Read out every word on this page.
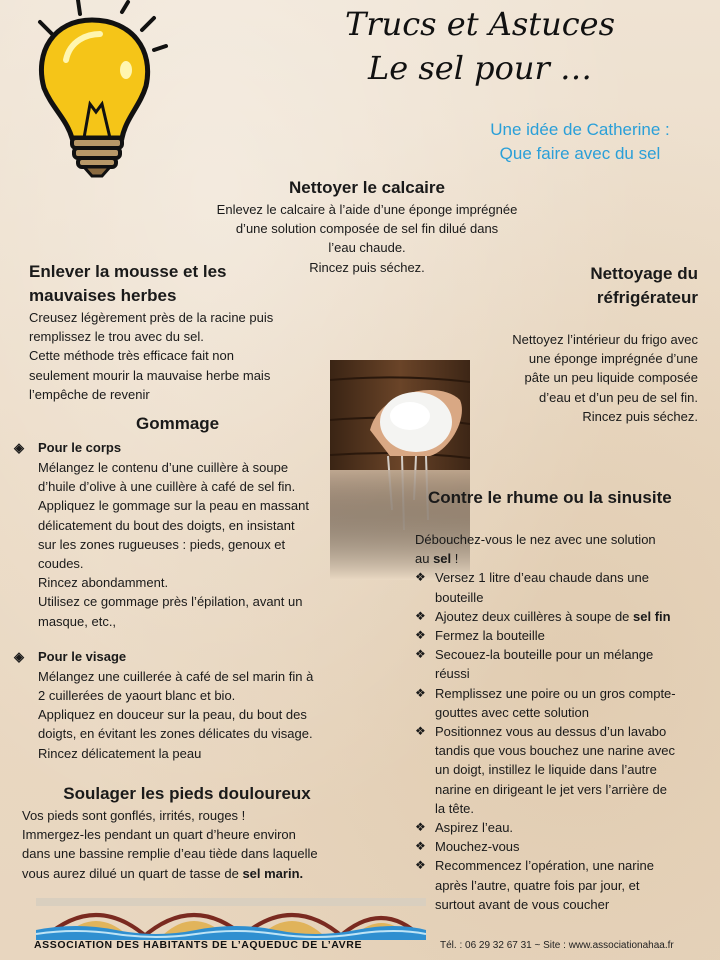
Trucs et Astuces
Le sel pour …
Une idée de Catherine :
Que faire avec du sel
Nettoyer le calcaire

Enlevez le calcaire à l’aide d’une éponge imprégnée

d’une solution composée de sel fin dilué dans

l’eau chaude.

Rincez puis séchez.

Enlever la mousse et les
mauvaises herbes

Creusez légèrement près de la racine puis

remplissez le trou avec du sel.

Cette méthode très efficace fait non

seulement mourir la mauvaise herbe mais

l’empêche de revenir

Nettoyage du
réfrigérateur

Nettoyez l’intérieur du frigo avec

une éponge imprégnée d’une

pâte un peu liquide composée

d’eau et d’un peu de sel fin.

Rincez puis séchez.

Gommage
◈ Pour le corps

Mélangez le contenu d’une cuillère à soupe

d’huile d’olive à une cuillère à café de sel fin.

Appliquez le gommage sur la peau en massant

délicatement du bout des doigts, en insistant

sur les zones rugueuses : pieds, genoux et

coudes.

Rincez abondamment.

Utilisez ce gommage près l’épilation, avant un

masque, etc.,

◈ Pour le visage

Mélangez une cuillerée à café de sel marin fin à

2 cuillerées de yaourt blanc et bio.

Appliquez en douceur sur la peau, du bout des

doigts, en évitant les zones délicates du visage.

Rincez délicatement la peau

Soulager les pieds douloureux

Vos pieds sont gonflés, irrités, rouges !

Immergez-les pendant un quart d’heure environ

dans une bassine remplie d’eau tiède dans laquelle

vous aurez dilué un quart de tasse de sel marin.

Contre le rhume ou la sinusite

Débouchez-vous le nez avec une solution

au sel !

❖ Versez 1 litre d’eau chaude dans une
bouteille
❖ Ajoutez deux cuillères à soupe de sel fin
❖ Fermez la bouteille
❖ Secouez-la bouteille pour un mélange
réussi
❖ Remplissez une poire ou un gros compte-
gouttes avec cette solution
❖ Positionnez vous au dessus d’un lavabo
tandis que vous bouchez une narine avec
un doigt, instillez le liquide dans l’autre
narine en dirigeant le jet vers l’arrière de
la tête.
❖ Aspirez l’eau.
❖ Mouchez-vous
❖ Recommencez l’opération, une narine
après l’autre, quatre fois par jour, et
surtout avant de vous coucher
ASSOCIATION DES HABITANTS DE L’AQUEDUC DE L’AVRE	Tél. : 06 29 32 67 31 ~ Site : www.associationahaa.fr
